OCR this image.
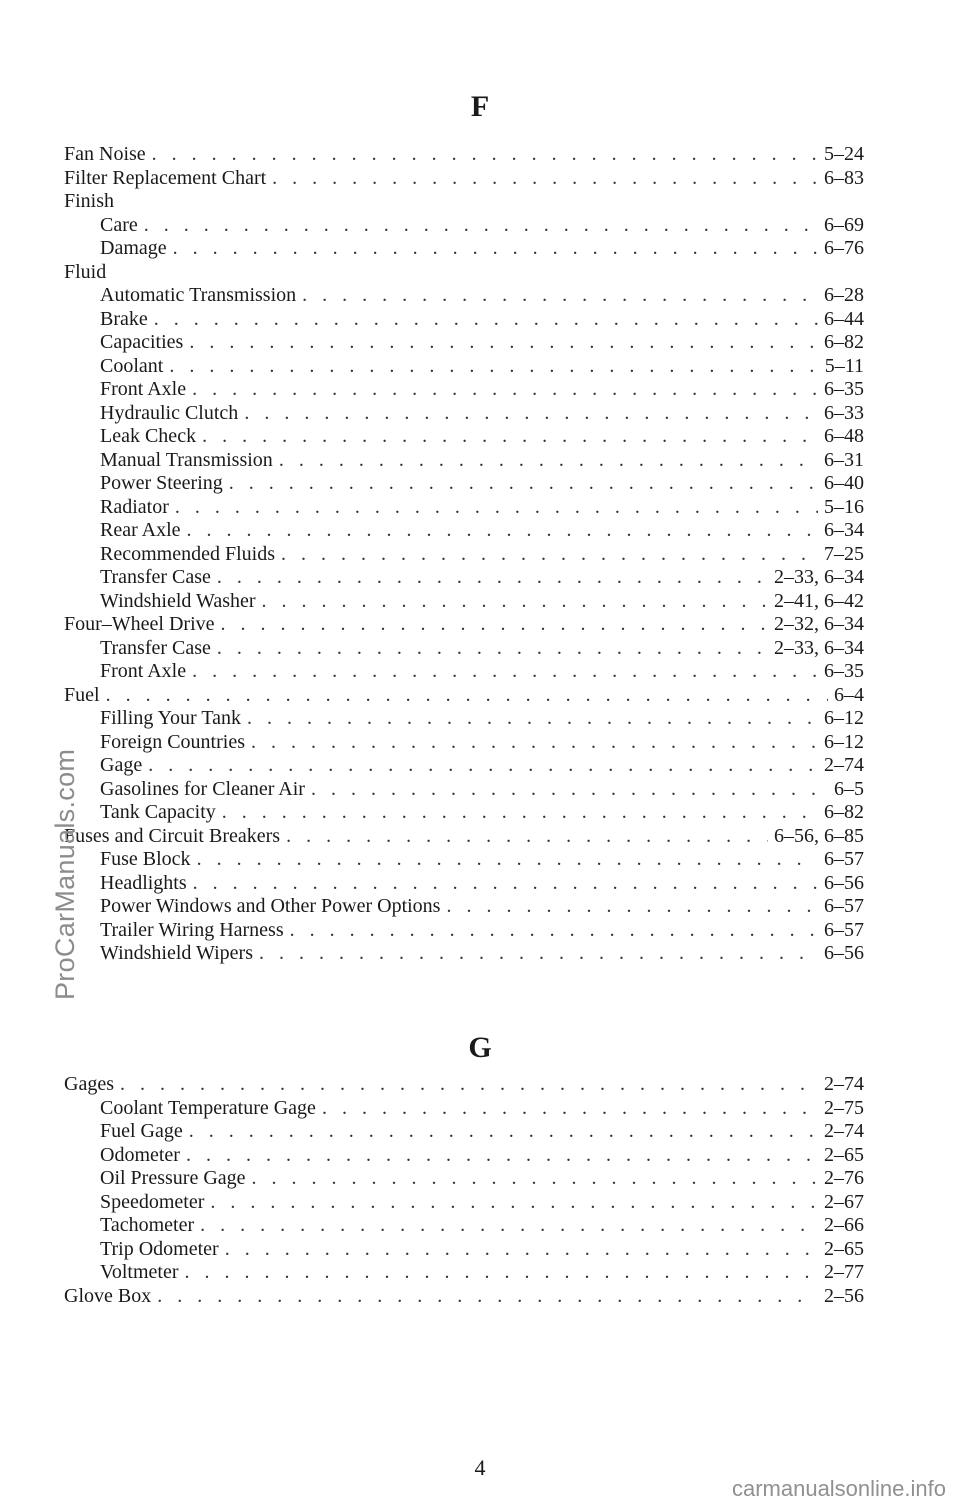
F
Fan Noise . . .	5–24
Filter Replacement Chart . . .	6–83
Finish
Care . . .	6–69
Damage . . .	6–76
Fluid
Automatic Transmission . . .	6–28
Brake . . .	6–44
Capacities . . .	6–82
Coolant . . .	5–11
Front Axle . . .	6–35
Hydraulic Clutch . . .	6–33
Leak Check . . .	6–48
Manual Transmission . . .	6–31
Power Steering . . .	6–40
Radiator . . .	5–16
Rear Axle . . .	6–34
Recommended Fluids . . .	7–25
Transfer Case . . .	2–33, 6–34
Windshield Washer . . .	2–41, 6–42
Four–Wheel Drive . . .	2–32, 6–34
Transfer Case . . .	2–33, 6–34
Front Axle . . .	6–35
Fuel . . .	6–4
Filling Your Tank . . .	6–12
Foreign Countries . . .	6–12
Gage . . .	2–74
Gasolines for Cleaner Air . . .	6–5
Tank Capacity . . .	6–82
Fuses and Circuit Breakers . . .	6–56, 6–85
Fuse Block . . .	6–57
Headlights . . .	6–56
Power Windows and Other Power Options . . .	6–57
Trailer Wiring Harness . . .	6–57
Windshield Wipers . . .	6–56
G
Gages . . .	2–74
Coolant Temperature Gage . . .	2–75
Fuel Gage . . .	2–74
Odometer . . .	2–65
Oil Pressure Gage . . .	2–76
Speedometer . . .	2–67
Tachometer . . .	2–66
Trip Odometer . . .	2–65
Voltmeter . . .	2–77
Glove Box . . .	2–56
4
ProCarManuals.com
carmanualsonline.info
